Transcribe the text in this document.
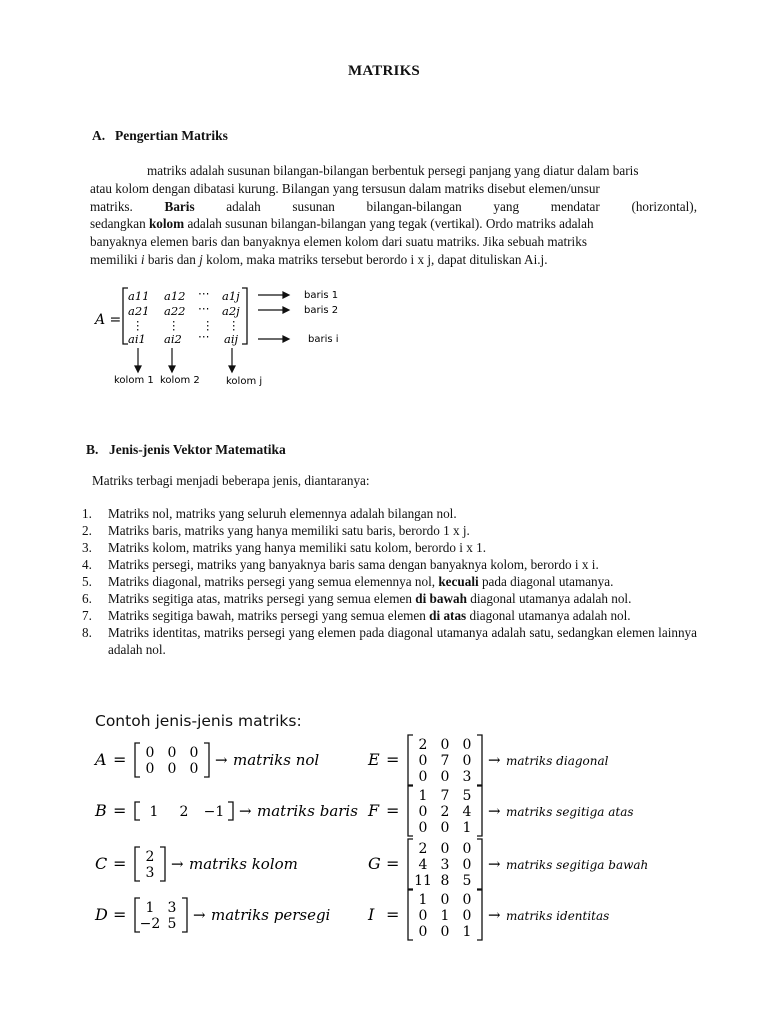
MATRIKS
A. Pengertian Matriks

matriks adalah susunan bilangan-bilangan berbentuk persegi panjang yang diatur dalam baris

atau kolom dengan dibatasi kurung. Bilangan yang tersusun dalam matriks disebut elemen/unsur

matriks. Baris adalah susunan bilangan-bilangan yang mendatar (horizontal),

sedangkan kolom adalah susunan bilangan-bilangan yang tegak (vertikal). Ordo matriks adalah

banyaknya elemen baris dan banyaknya elemen kolom dari suatu matriks. Jika sebuah matriks

memiliki i baris dan j kolom, maka matriks tersebut berordo i x j, dapat dituliskan Ai.j.

A =
a11 a12 ⋯ a1j
a21 a22 ⋯ a2j
⋮ ⋮ ⋮ ⋮
ai1 ai2 ⋯ aij
baris 1
baris 2
baris i
kolom 1 kolom 2	kolom j
B. Jenis-jenis Vektor Matematika
Matriks terbagi menjadi beberapa jenis, diantaranya:
1.	Matriks nol, matriks yang seluruh elemennya adalah bilangan nol.
2.	Matriks baris, matriks yang hanya memiliki satu baris, berordo 1 x j.
3.	Matriks kolom, matriks yang hanya memiliki satu kolom, berordo i x 1.
4.	Matriks persegi, matriks yang banyaknya baris sama dengan banyaknya kolom, berordo i x i.
5.	Matriks diagonal, matriks persegi yang semua elemennya nol, kecuali pada diagonal utamanya.
6.	Matriks segitiga atas, matriks persegi yang semua elemen di bawah diagonal utamanya adalah nol.
7.	Matriks segitiga bawah, matriks persegi yang semua elemen di atas diagonal utamanya adalah nol.
8.	Matriks identitas, matriks persegi yang elemen pada diagonal utamanya adalah satu, sedangkan elemen lainnya adalah nol.
Contoh jenis-jenis matriks:
A = 0 0 0
0 0 0 → matriks nol
B = 1 2 −1 → matriks baris
C = 2
3 → matriks kolom
D = 1 3
−2 5 → matriks persegi
E =
2 0 0
0 7 0
0 0 3
→ matriks diagonal
F =
1 7 5
0 2 4
0 0 1
→ matriks segitiga atas
G =
2 0 0
4 3 0
11 8 5
→ matriks segitiga bawah
I =
1 0 0
0 1 0
0 0 1
→ matriks identitas
